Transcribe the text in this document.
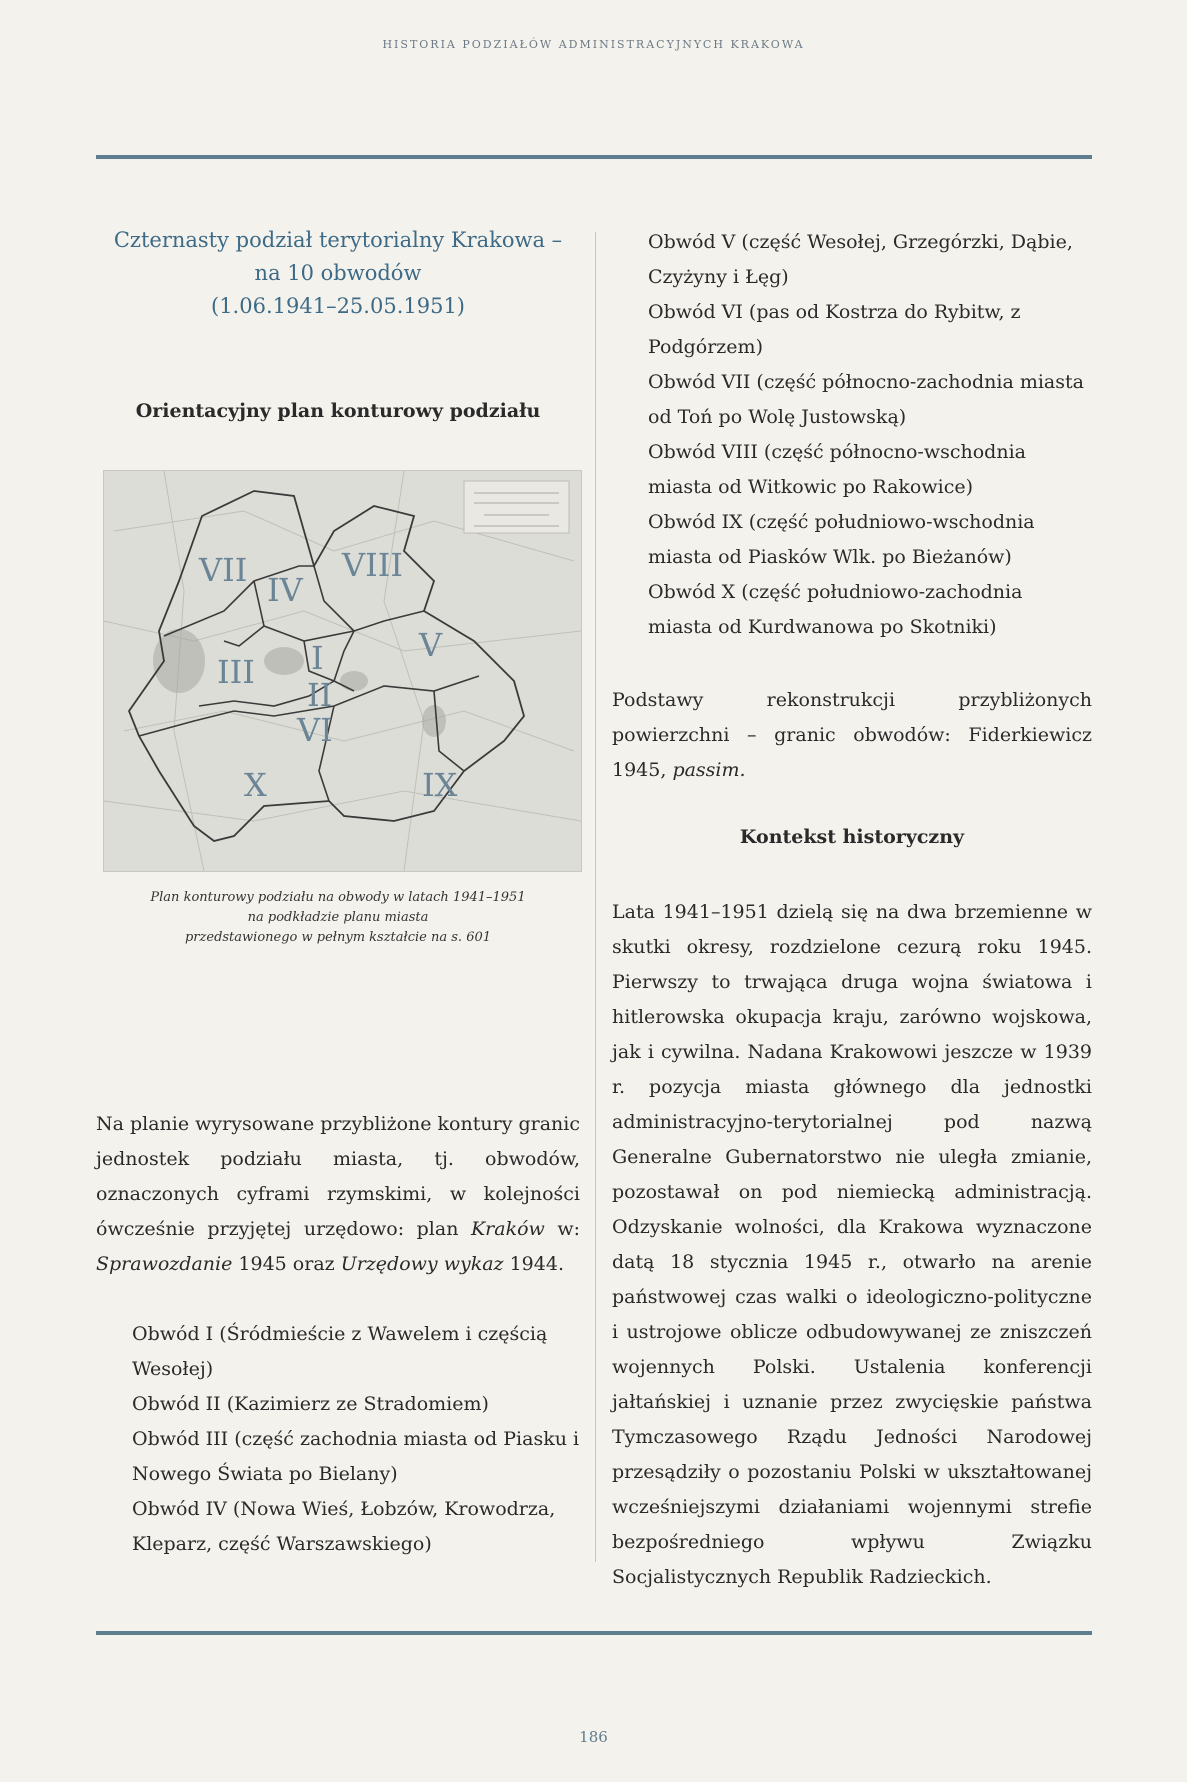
HISTORIA PODZIAŁÓW ADMINISTRACYJNYCH KRAKOWA
Czternasty podział terytorialny Krakowa –
na 10 obwodów
(1.06.1941–25.05.1951)
Orientacyjny plan konturowy podziału
VII
IV
VIII
V
III I
II
VI
X	IX
Plan konturowy podziału na obwody w latach 1941–1951
na podkładzie planu miasta
przedstawionego w pełnym kształcie na s. 601
Na planie wyrysowane przybliżone kontury granic jednostek podziału miasta, tj. obwodów, oznaczonych cyframi rzymskimi, w kolejności ówcześnie przyjętej urzędowo: plan Kraków w: Sprawozdanie 1945 oraz Urzędowy wykaz 1944.
Obwód I (Śródmieście z Wawelem i częścią Wesołej)
Obwód II (Kazimierz ze Stradomiem)
Obwód III (część zachodnia miasta od Piasku i Nowego Świata po Bielany)
Obwód IV (Nowa Wieś, Łobzów, Krowodrza, Kleparz, część Warszawskiego)
Obwód V (część Wesołej, Grzegórzki, Dąbie, Czyżyny i Łęg)
Obwód VI (pas od Kostrza do Rybitw, z Podgórzem)
Obwód VII (część północno-zachodnia miasta od Toń po Wolę Justowską)
Obwód VIII (część północno-wschodnia miasta od Witkowic po Rakowice)
Obwód IX (część południowo-wschodnia miasta od Piasków Wlk. po Bieżanów)
Obwód X (część południowo-zachodnia miasta od Kurdwanowa po Skotniki)
Podstawy rekonstrukcji przybliżonych powierzchni – granic obwodów: Fiderkiewicz 1945, passim.
Kontekst historyczny
Lata 1941–1951 dzielą się na dwa brzemienne w skutki okresy, rozdzielone cezurą roku 1945. Pierwszy to trwająca druga wojna światowa i hitlerowska okupacja kraju, zarówno wojskowa, jak i cywilna. Nadana Krakowowi jeszcze w 1939 r. pozycja miasta głównego dla jednostki administracyjno-terytorialnej pod nazwą Generalne Gubernatorstwo nie uległa zmianie, pozostawał on pod niemiecką administracją. Odzyskanie wolności, dla Krakowa wyznaczone datą 18 stycznia 1945 r., otwarło na arenie państwowej czas walki o ideologiczno-polityczne i ustrojowe oblicze odbudowywanej ze zniszczeń wojennych Polski. Ustalenia konferencji jałtańskiej i uznanie przez zwycięskie państwa Tymczasowego Rządu Jedności Narodowej przesądziły o pozostaniu Polski w ukształtowanej wcześniejszymi działaniami wojennymi strefie bezpośredniego wpływu Związku Socjalistycznych Republik Radzieckich.
186
